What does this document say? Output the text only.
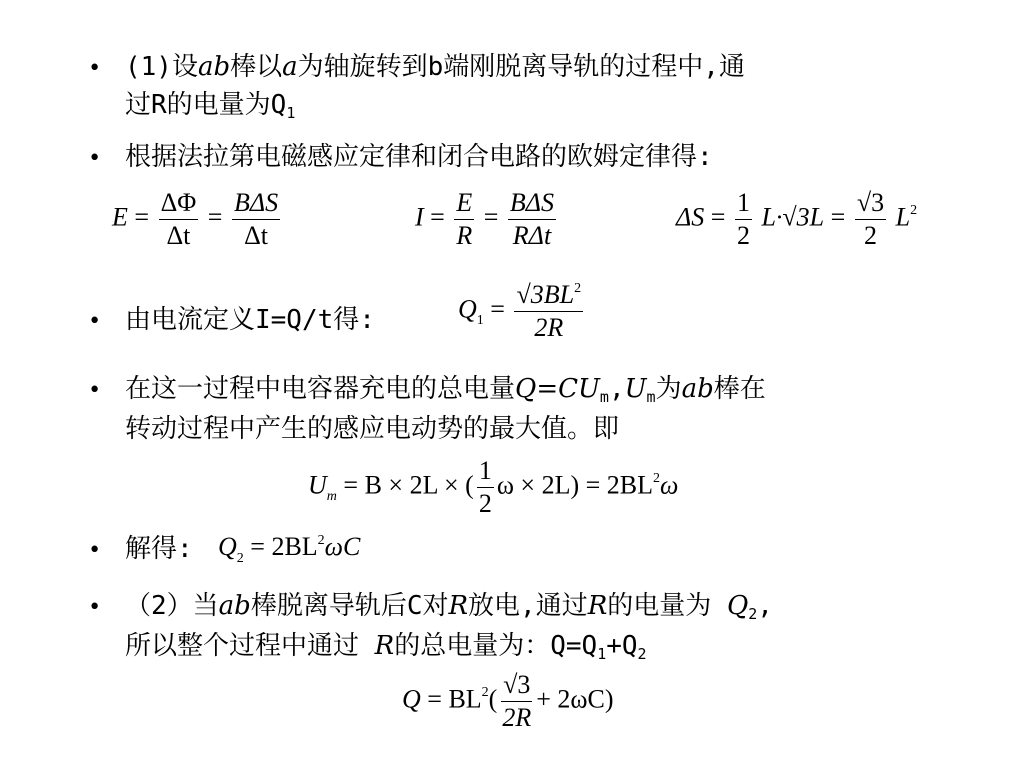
• (1)设ab棒以a为轴旋转到b端刚脱离导轨的过程中,通
过R的电量为$Q_1$
• 根据法拉第电磁感应定律和闭合电路的欧姆定律得:
$E = \frac{\Delta\Phi}{\Delta t} = \frac{\text{BΔS}}{\Delta t}$	$I = \frac{E}{R} = \frac{\text{BΔS}}{\text{RΔt}}$	$\Delta S = \frac{1}{2} L\cdot√3L = \frac{√3}{2} L^2$
• 由电流定义I=Q/t得:	$Q_1 = \frac{√3BL^2}{2R}$
• 在这一过程中电容器充电的总电量$Q=CU_m,U_m$为ab棒在
转动过程中产生的感应电动势的最大值。即
$U_m = B \times 2L$ × ( $\frac{1}{2}$ $\omega \times 2L) = 2BL^2\omega$
• 解得: $Q_2 = 2BL^2\omega C$
• （2）当ab棒脱离导轨后C对R放电,通过R的电量为 $Q_2$,
所以整个过程中通过 R的总电量为：$Q=Q_1+Q_2$
$Q = BL^2( \frac{√3}{2R} + 2\omega C)$
